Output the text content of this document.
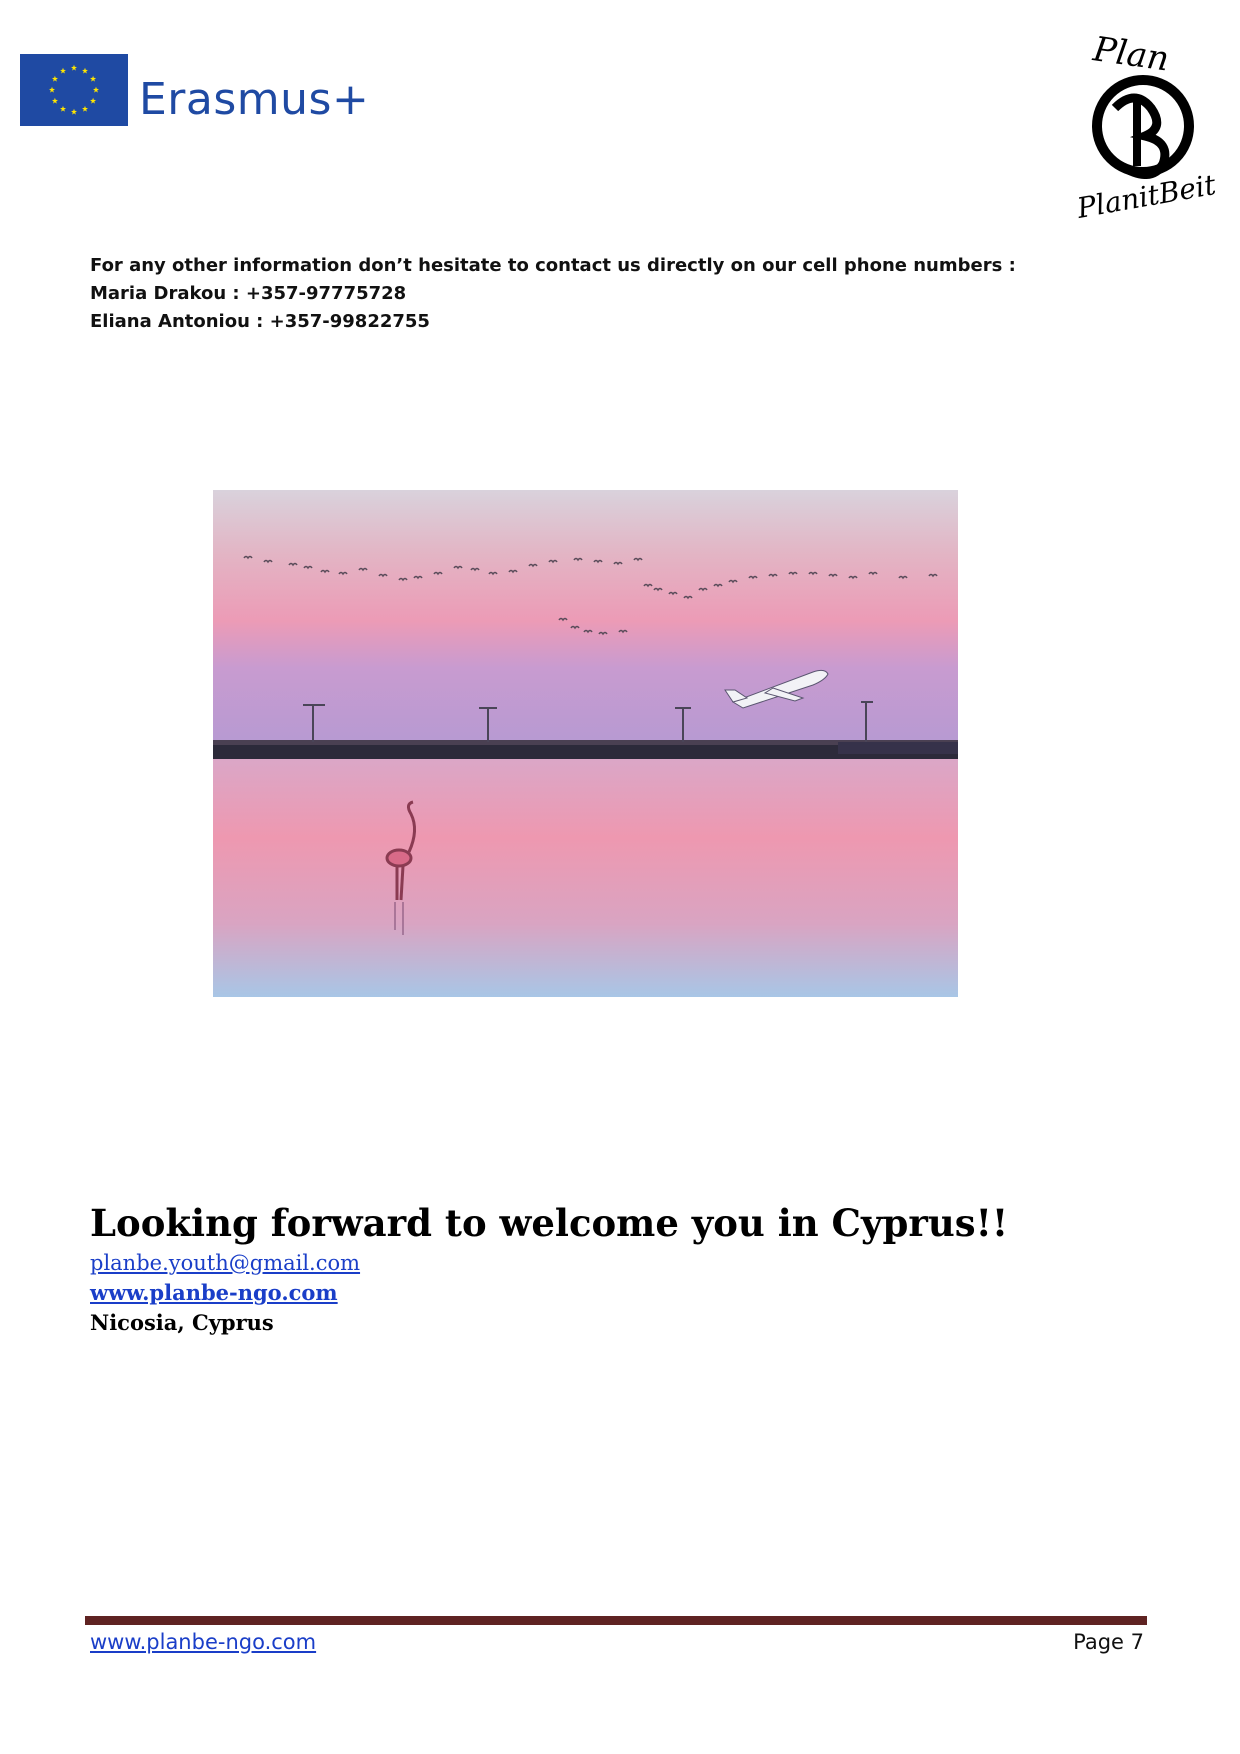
Erasmus+
Plan
PlanitBeit
For any other information don’t hesitate to contact us directly on our cell phone numbers :
Maria Drakou : +357-97775728
Eliana Antoniou : +357-99822755
Looking forward to welcome you in Cyprus!!
planbe.youth@gmail.com
www.planbe-ngo.com
Nicosia, Cyprus
www.planbe-ngo.com	Page 7
